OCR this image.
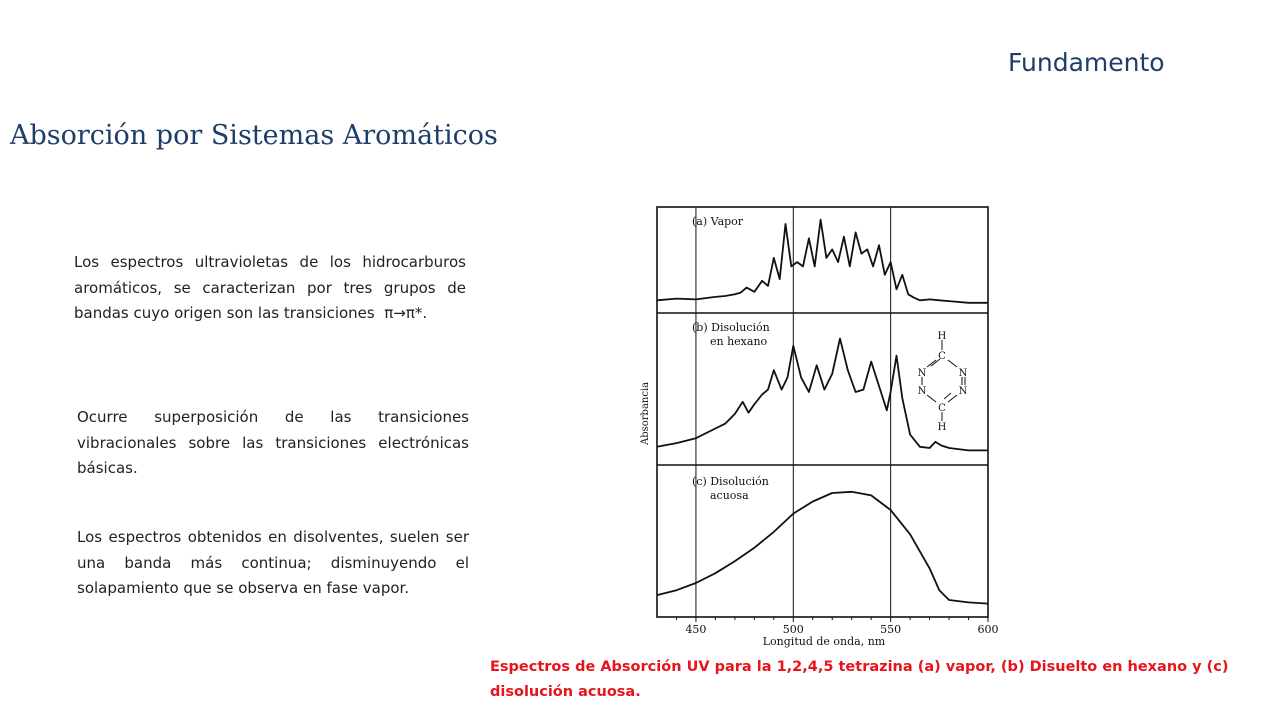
Fundamento
Absorción por Sistemas Aromáticos
Los espectros ultravioletas de los hidrocarburos aromáticos, se caracterizan por tres grupos de bandas cuyo origen son las transiciones π→π*.
Ocurre superposición de las transiciones vibracionales sobre las transiciones electrónicas básicas.
Los espectros obtenidos en disolventes, suelen ser una banda más continua; disminuyendo el solapamiento que se observa en fase vapor.
450	500	550	600
(a) Vapor
(b) Disolución
en hexano
(c) Disolución
acuosa
Absorbancia
Longitud de onda, nm
H
C
N
N
N
N
C
H
Espectros de Absorción UV para la 1,2,4,5 tetrazina (a) vapor, (b) Disuelto en hexano y (c) disolución acuosa.
